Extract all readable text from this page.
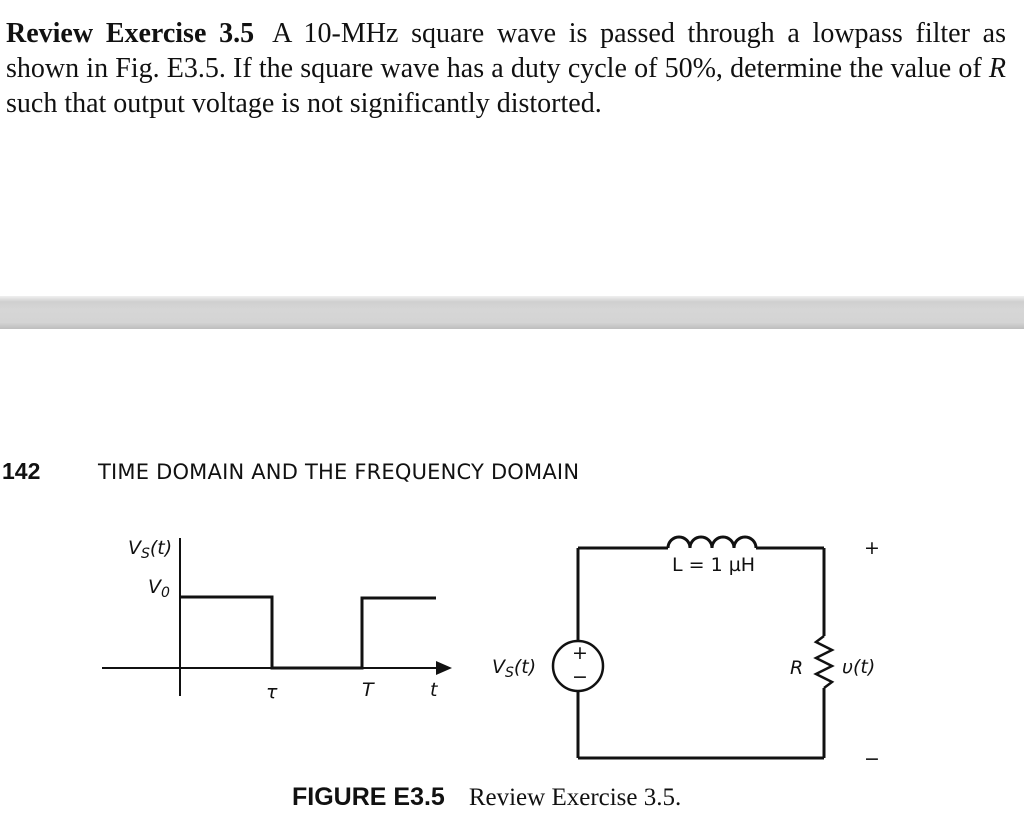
Review Exercise 3.5 A 10-MHz square wave is passed through a lowpass filter as shown in Fig. E3.5. If the square wave has a duty cycle of 50%, determine the value of R such that output voltage is not significantly distorted.
142	TIME DOMAIN AND THE FREQUENCY DOMAIN
$V_S(t)$
$V_0$
τ	T	t
+
−
$V_S(t)$
L = 1 µH
R υ(t)
+
−
FIGURE E3.5 Review Exercise 3.5.
